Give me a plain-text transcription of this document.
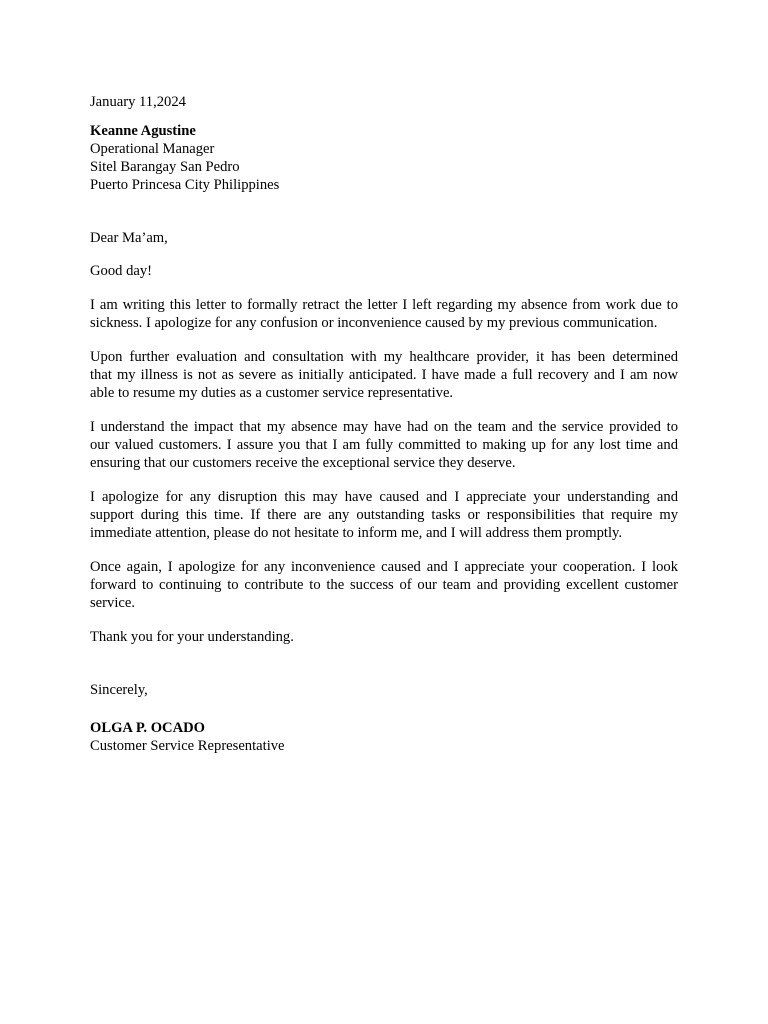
January 11,2024
Keanne Agustine
Operational Manager
Sitel Barangay San Pedro
Puerto Princesa City Philippines
Dear Ma’am,
Good day!
I am writing this letter to formally retract the letter I left regarding my absence from work due to
sickness. I apologize for any confusion or inconvenience caused by my previous communication.
Upon further evaluation and consultation with my healthcare provider, it has been determined
that my illness is not as severe as initially anticipated. I have made a full recovery and I am now
able to resume my duties as a customer service representative.
I understand the impact that my absence may have had on the team and the service provided to
our valued customers. I assure you that I am fully committed to making up for any lost time and
ensuring that our customers receive the exceptional service they deserve.
I apologize for any disruption this may have caused and I appreciate your understanding and
support during this time. If there are any outstanding tasks or responsibilities that require my
immediate attention, please do not hesitate to inform me, and I will address them promptly.
Once again, I apologize for any inconvenience caused and I appreciate your cooperation. I look
forward to continuing to contribute to the success of our team and providing excellent customer
service.
Thank you for your understanding.
Sincerely,
OLGA P. OCADO
Customer Service Representative
